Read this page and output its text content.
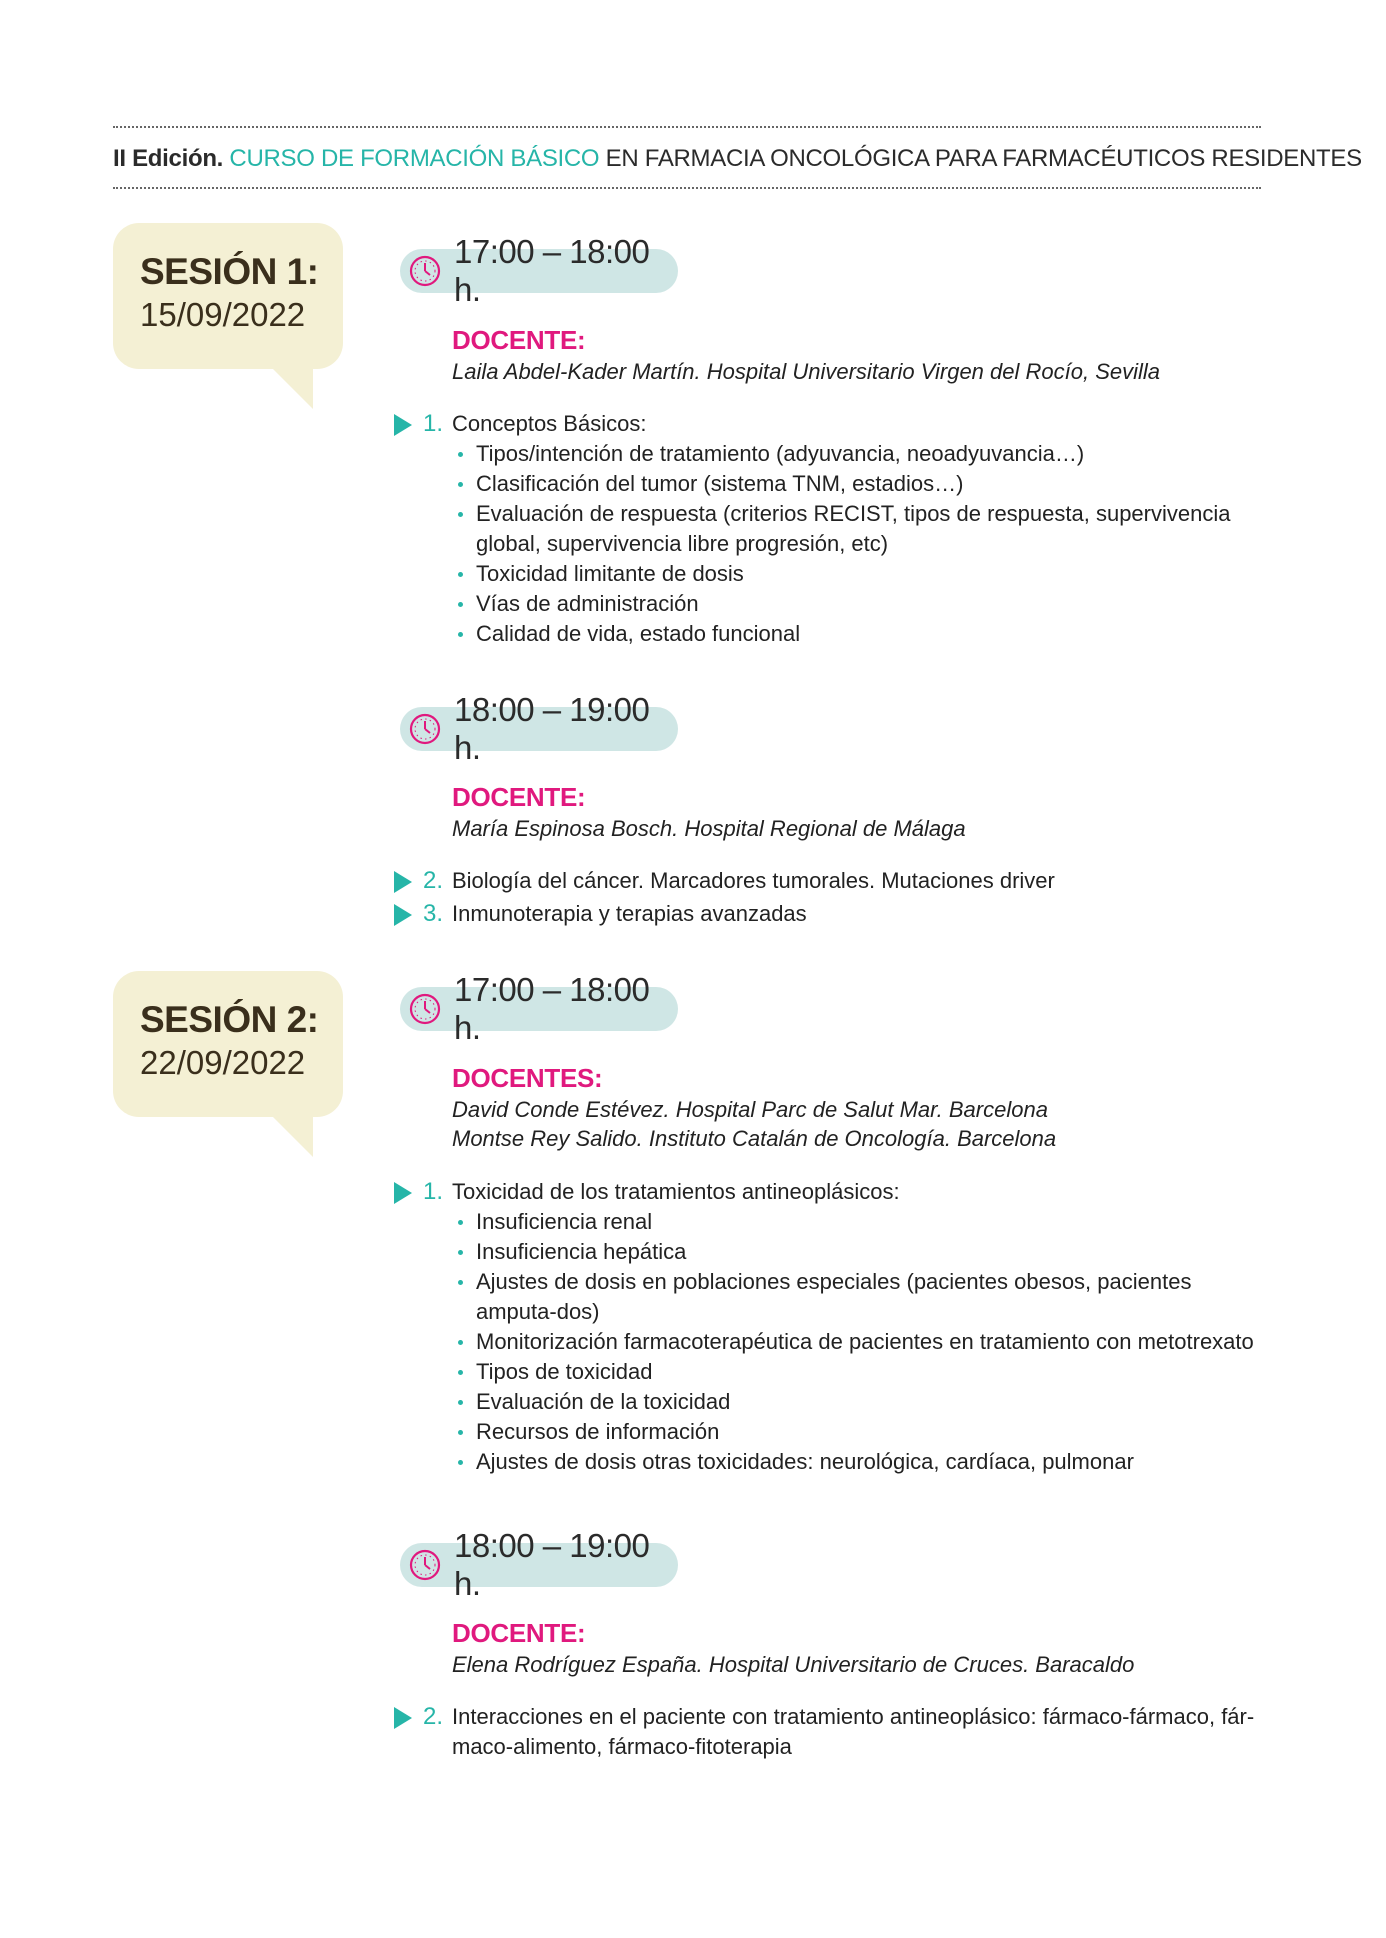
II Edición. CURSO DE FORMACIÓN BÁSICO EN FARMACIA ONCOLÓGICA PARA FARMACÉUTICOS RESIDENTES
SESIÓN 1:
15/09/2022
17:00 – 18:00 h.
DOCENTE:
Laila Abdel-Kader Martín. Hospital Universitario Virgen del Rocío, Sevilla
1. Conceptos Básicos:
Tipos/intención de tratamiento (adyuvancia, neoadyuvancia…)
Clasificación del tumor (sistema TNM, estadios…)
Evaluación de respuesta (criterios RECIST, tipos de respuesta, supervivencia global, supervivencia libre progresión, etc)
Toxicidad limitante de dosis
Vías de administración
Calidad de vida, estado funcional
18:00 – 19:00 h.
DOCENTE:
María Espinosa Bosch. Hospital Regional de Málaga
2. Biología del cáncer. Marcadores tumorales. Mutaciones driver
3. Inmunoterapia y terapias avanzadas
SESIÓN 2:
22/09/2022
17:00 – 18:00 h.
DOCENTES:
David Conde Estévez. Hospital Parc de Salut Mar. Barcelona
Montse Rey Salido. Instituto Catalán de Oncología. Barcelona
1. Toxicidad de los tratamientos antineoplásicos:
Insuficiencia renal
Insuficiencia hepática
Ajustes de dosis en poblaciones especiales (pacientes obesos, pacientes amputa-dos)
Monitorización farmacoterapéutica de pacientes en tratamiento con metotrexato
Tipos de toxicidad
Evaluación de la toxicidad
Recursos de información
Ajustes de dosis otras toxicidades: neurológica, cardíaca, pulmonar
18:00 – 19:00 h.
DOCENTE:
Elena Rodríguez España. Hospital Universitario de Cruces. Baracaldo
2. Interacciones en el paciente con tratamiento antineoplásico: fármaco-fármaco, fár-maco-alimento, fármaco-fitoterapia
